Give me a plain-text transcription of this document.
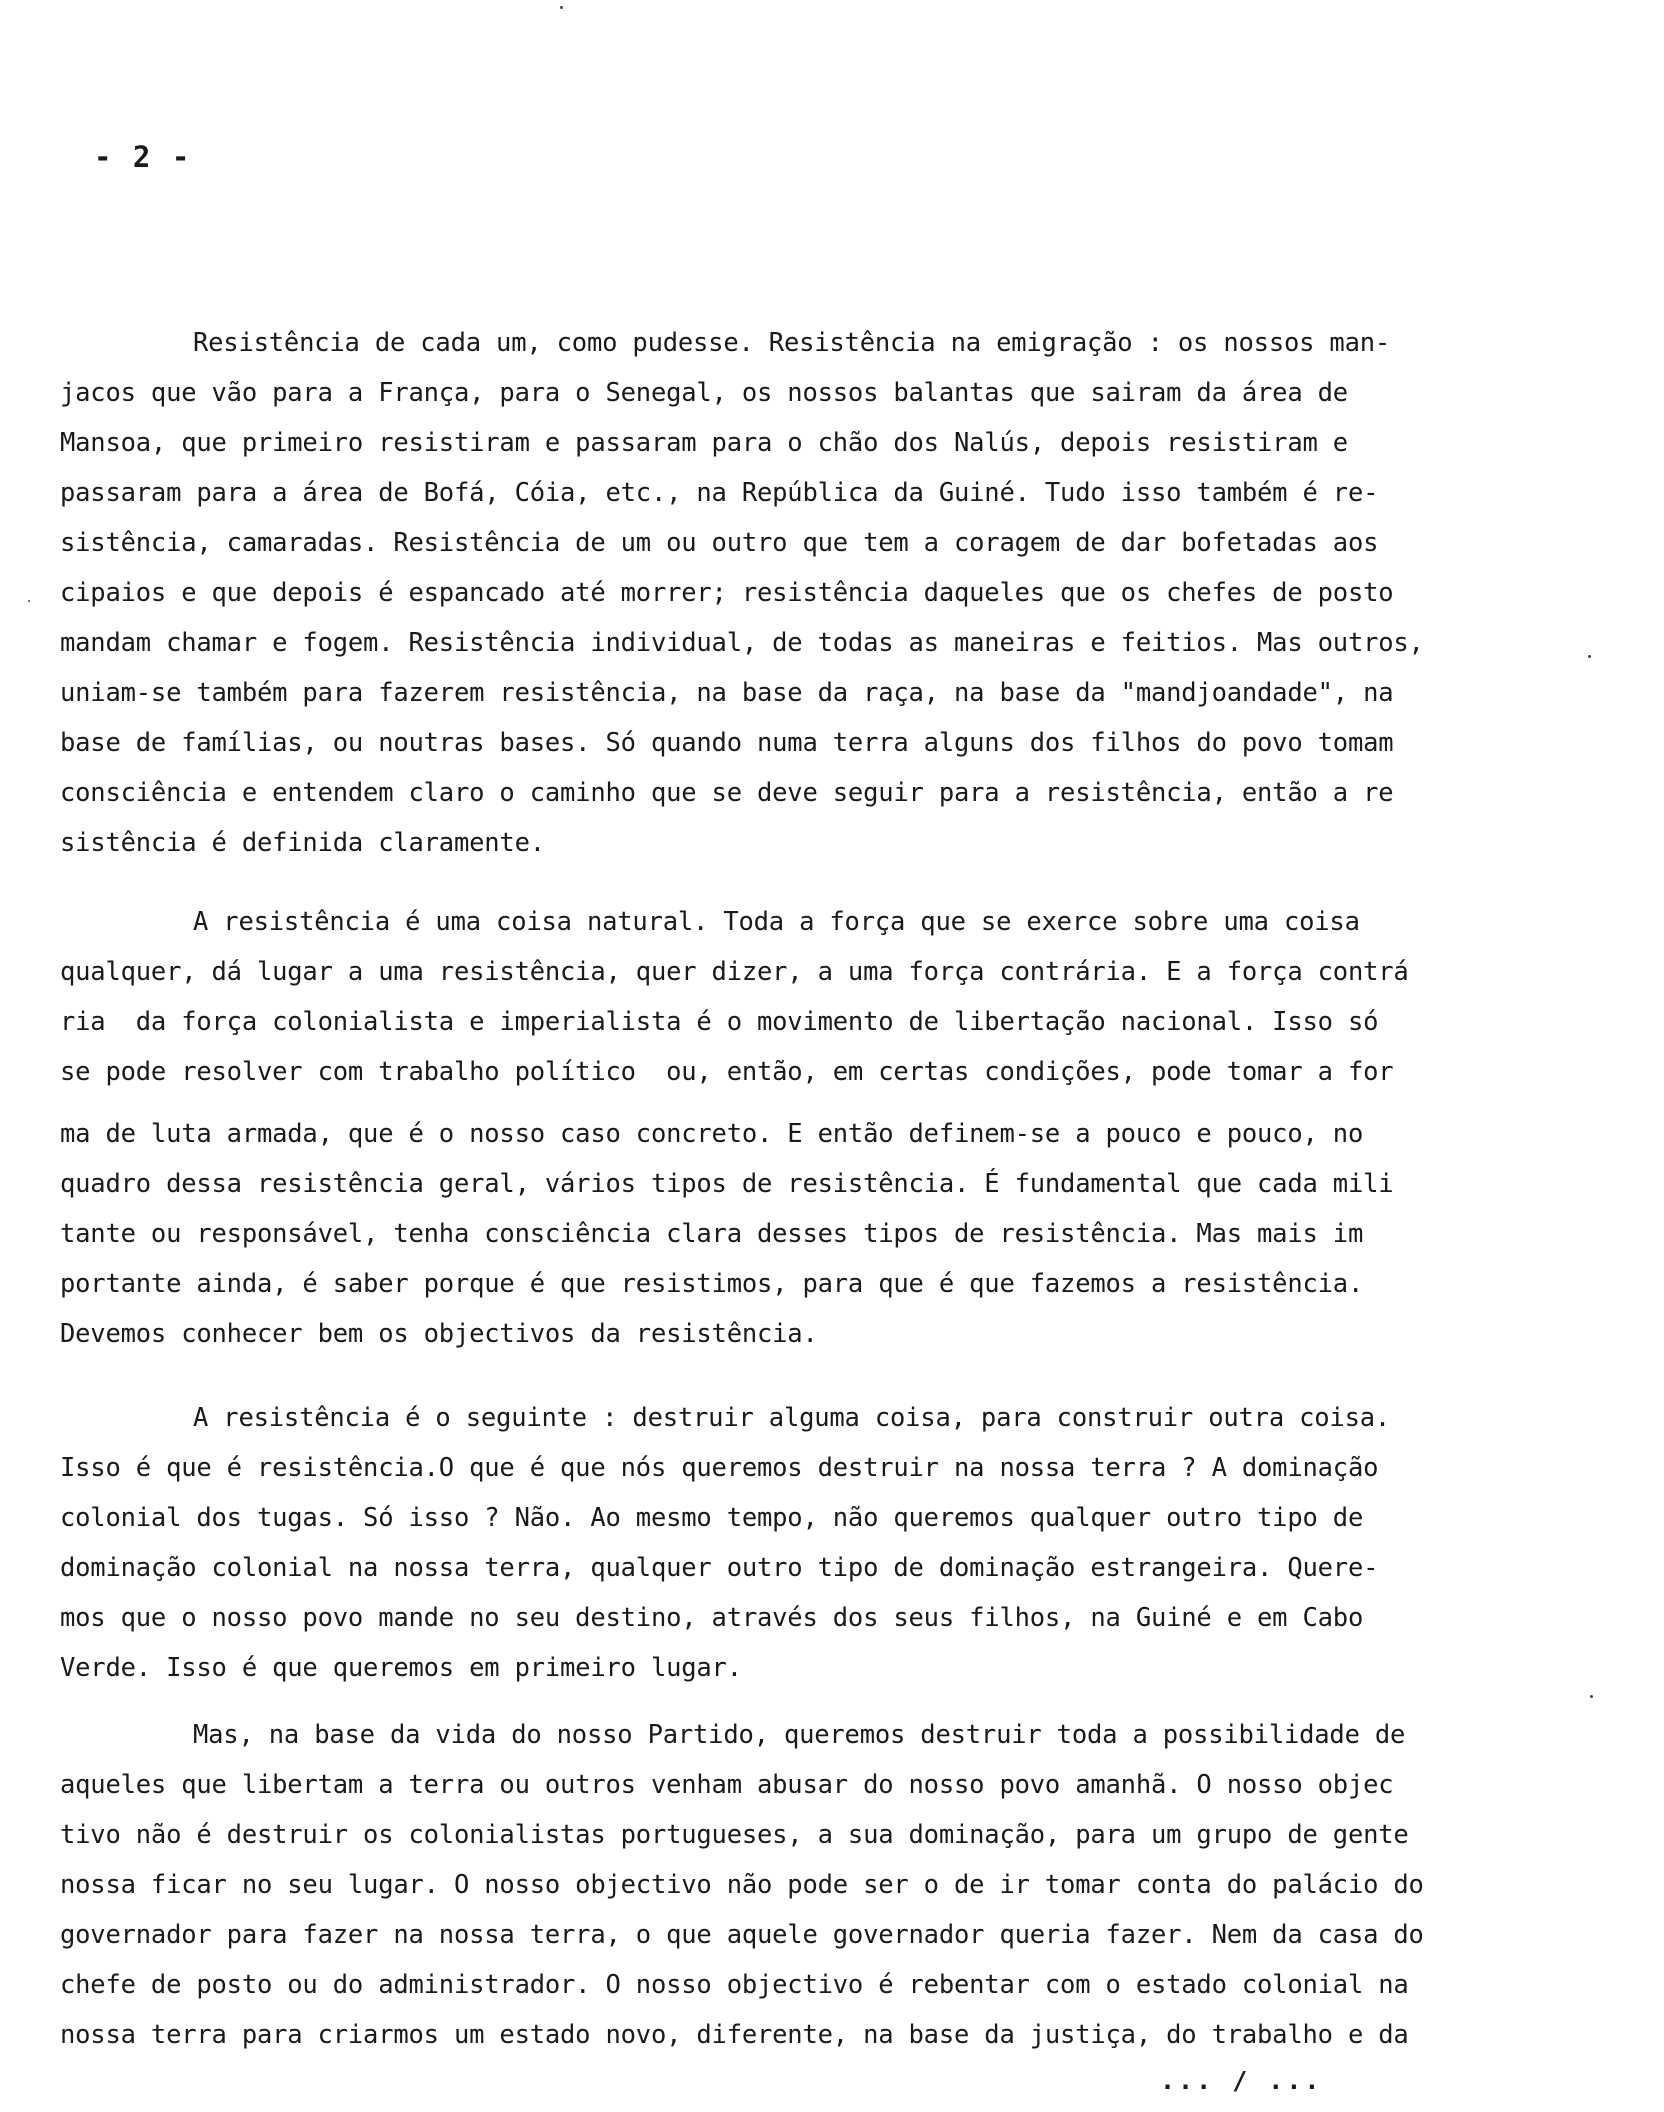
- 2 -
Resistência de cada um, como pudesse. Resistência na emigração : os nossos man-
jacos que vão para a França, para o Senegal, os nossos balantas que sairam da área de
Mansoa, que primeiro resistiram e passaram para o chão dos Nalús, depois resistiram e
passaram para a área de Bofá, Cóia, etc., na República da Guiné. Tudo isso também é re-
sistência, camaradas. Resistência de um ou outro que tem a coragem de dar bofetadas aos
cipaios e que depois é espancado até morrer; resistência daqueles que os chefes de posto
mandam chamar e fogem. Resistência individual, de todas as maneiras e feitios. Mas outros,
uniam-se também para fazerem resistência, na base da raça, na base da "mandjoandade", na
base de famílias, ou noutras bases. Só quando numa terra alguns dos filhos do povo tomam
consciência e entendem claro o caminho que se deve seguir para a resistência, então a re
sistência é definida claramente.
A resistência é uma coisa natural. Toda a força que se exerce sobre uma coisa
qualquer, dá lugar a uma resistência, quer dizer, a uma força contrária. E a força contrá
ria  da força colonialista e imperialista é o movimento de libertação nacional. Isso só
se pode resolver com trabalho político  ou, então, em certas condições, pode tomar a for
ma de luta armada, que é o nosso caso concreto. E então definem-se a pouco e pouco, no
quadro dessa resistência geral, vários tipos de resistência. É fundamental que cada mili
tante ou responsável, tenha consciência clara desses tipos de resistência. Mas mais im
portante ainda, é saber porque é que resistimos, para que é que fazemos a resistência.
Devemos conhecer bem os objectivos da resistência.
A resistência é o seguinte : destruir alguma coisa, para construir outra coisa.
Isso é que é resistência.O que é que nós queremos destruir na nossa terra ? A dominação
colonial dos tugas. Só isso ? Não. Ao mesmo tempo, não queremos qualquer outro tipo de
dominação colonial na nossa terra, qualquer outro tipo de dominação estrangeira. Quere-
mos que o nosso povo mande no seu destino, através dos seus filhos, na Guiné e em Cabo
Verde. Isso é que queremos em primeiro lugar.
Mas, na base da vida do nosso Partido, queremos destruir toda a possibilidade de
aqueles que libertam a terra ou outros venham abusar do nosso povo amanhã. O nosso objec
tivo não é destruir os colonialistas portugueses, a sua dominação, para um grupo de gente
nossa ficar no seu lugar. O nosso objectivo não pode ser o de ir tomar conta do palácio do
governador para fazer na nossa terra, o que aquele governador queria fazer. Nem da casa do
chefe de posto ou do administrador. O nosso objectivo é rebentar com o estado colonial na
nossa terra para criarmos um estado novo, diferente, na base da justiça, do trabalho e da
... / ...
